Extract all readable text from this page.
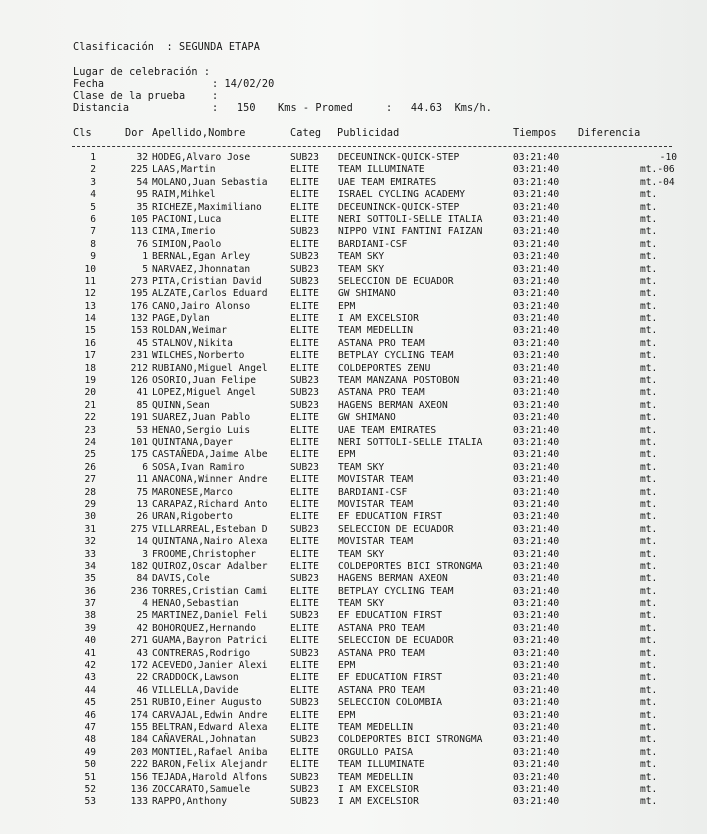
Clasificación : SEGUNDA ETAPA
Lugar de celebración :
Fecha	: 14/02/20
Clase de la prueba	:
Distancia	:   150 Kms - Promed	:   44.63  Kms/h.
Cls	Dor Apellido,Nombre	Categ Publicidad	Tiempos Diferencia
1	32 HODEG,Alvaro Jose	SUB23 DECEUNINCK-QUICK-STEP	03:21:40	-10
2	225 LAAS,Martin	ELITE TEAM ILLUMINATE	03:21:40	mt.-06
3	54 MOLANO,Juan Sebastia ELITE UAE TEAM EMIRATES	03:21:40	mt.-04
4	95 RAIM,Mihkel	ELITE ISRAEL CYCLING ACADEMY	03:21:40	mt.
5	35 RICHEZE,Maximiliano	ELITE DECEUNINCK-QUICK-STEP	03:21:40	mt.
6	105 PACIONI,Luca	ELITE NERI SOTTOLI-SELLE ITALIA	03:21:40	mt.
7	113 CIMA,Imerio	SUB23 NIPPO VINI FANTINI FAIZAN	03:21:40	mt.
8	76 SIMION,Paolo	ELITE BARDIANI-CSF	03:21:40	mt.
9	1 BERNAL,Egan Arley	SUB23 TEAM SKY	03:21:40	mt.
10	5 NARVAEZ,Jhonnatan	SUB23 TEAM SKY	03:21:40	mt.
11	273 PITA,Cristian David	SUB23 SELECCION DE ECUADOR	03:21:40	mt.
12	195 ALZATE,Carlos Eduard ELITE GW SHIMANO	03:21:40	mt.
13	176 CANO,Jairo Alonso	ELITE EPM	03:21:40	mt.
14	132 PAGE,Dylan	ELITE I AM EXCELSIOR	03:21:40	mt.
15	153 ROLDAN,Weimar	ELITE TEAM MEDELLIN	03:21:40	mt.
16	45 STALNOV,Nikita	ELITE ASTANA PRO TEAM	03:21:40	mt.
17	231 WILCHES,Norberto	ELITE BETPLAY CYCLING TEAM	03:21:40	mt.
18	212 RUBIANO,Miguel Angel ELITE COLDEPORTES ZENU	03:21:40	mt.
19	126 OSORIO,Juan Felipe	SUB23 TEAM MANZANA POSTOBON	03:21:40	mt.
20	41 LOPEZ,Miguel Angel	SUB23 ASTANA PRO TEAM	03:21:40	mt.
21	85 QUINN,Sean	SUB23 HAGENS BERMAN AXEON	03:21:40	mt.
22	191 SUAREZ,Juan Pablo	ELITE GW SHIMANO	03:21:40	mt.
23	53 HENAO,Sergio Luis	ELITE UAE TEAM EMIRATES	03:21:40	mt.
24	101 QUINTANA,Dayer	ELITE NERI SOTTOLI-SELLE ITALIA	03:21:40	mt.
25	175 CASTAÑEDA,Jaime Albe ELITE EPM	03:21:40	mt.
26	6 SOSA,Ivan Ramiro	SUB23 TEAM SKY	03:21:40	mt.
27	11 ANACONA,Winner Andre ELITE MOVISTAR TEAM	03:21:40	mt.
28	75 MARONESE,Marco	ELITE BARDIANI-CSF	03:21:40	mt.
29	13 CARAPAZ,Richard Anto ELITE MOVISTAR TEAM	03:21:40	mt.
30	26 URAN,Rigoberto	ELITE EF EDUCATION FIRST	03:21:40	mt.
31	275 VILLARREAL,Esteban D SUB23 SELECCION DE ECUADOR	03:21:40	mt.
32	14 QUINTANA,Nairo Alexa ELITE MOVISTAR TEAM	03:21:40	mt.
33	3 FROOME,Christopher	ELITE TEAM SKY	03:21:40	mt.
34	182 QUIROZ,Oscar Adalber ELITE COLDEPORTES BICI STRONGMA	03:21:40	mt.
35	84 DAVIS,Cole	SUB23 HAGENS BERMAN AXEON	03:21:40	mt.
36	236 TORRES,Cristian Cami ELITE BETPLAY CYCLING TEAM	03:21:40	mt.
37	4 HENAO,Sebastian	ELITE TEAM SKY	03:21:40	mt.
38	25 MARTINEZ,Daniel Feli SUB23 EF EDUCATION FIRST	03:21:40	mt.
39	42 BOHORQUEZ,Hernando	ELITE ASTANA PRO TEAM	03:21:40	mt.
40	271 GUAMA,Bayron Patrici ELITE SELECCION DE ECUADOR	03:21:40	mt.
41	43 CONTRERAS,Rodrigo	SUB23 ASTANA PRO TEAM	03:21:40	mt.
42	172 ACEVEDO,Janier Alexi ELITE EPM	03:21:40	mt.
43	22 CRADDOCK,Lawson	ELITE EF EDUCATION FIRST	03:21:40	mt.
44	46 VILLELLA,Davide	ELITE ASTANA PRO TEAM	03:21:40	mt.
45	251 RUBIO,Einer Augusto	SUB23 SELECCION COLOMBIA	03:21:40	mt.
46	174 CARVAJAL,Edwin Andre ELITE EPM	03:21:40	mt.
47	155 BELTRAN,Edward Alexa ELITE TEAM MEDELLIN	03:21:40	mt.
48	184 CAÑAVERAL,Johnatan	SUB23 COLDEPORTES BICI STRONGMA	03:21:40	mt.
49	203 MONTIEL,Rafael Aniba ELITE ORGULLO PAISA	03:21:40	mt.
50	222 BARON,Felix Alejandr ELITE TEAM ILLUMINATE	03:21:40	mt.
51	156 TEJADA,Harold Alfons SUB23 TEAM MEDELLIN	03:21:40	mt.
52	136 ZOCCARATO,Samuele	SUB23 I AM EXCELSIOR	03:21:40	mt.
53	133 RAPPO,Anthony	SUB23 I AM EXCELSIOR	03:21:40	mt.
